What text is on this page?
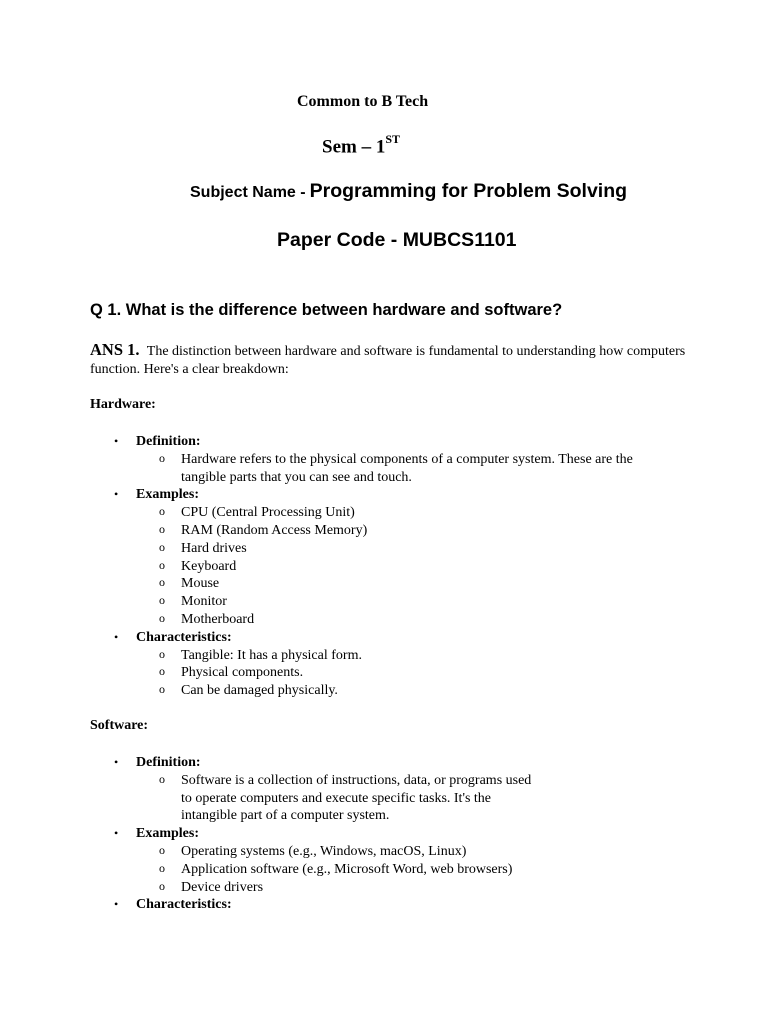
Common to B Tech
Sem – 1ST
Subject Name - Programming for Problem Solving
Paper Code - MUBCS1101
Q 1. What is the difference between hardware and software?
ANS 1. The distinction between hardware and software is fundamental to understanding how computers function. Here's a clear breakdown:
Hardware:
• Definition:
o Hardware refers to the physical components of a computer system. These are the tangible parts that you can see and touch.
• Examples:
o CPU (Central Processing Unit)
o RAM (Random Access Memory)
o Hard drives
o Keyboard
o Mouse
o Monitor
o Motherboard
• Characteristics:
o Tangible: It has a physical form.
o Physical components.
o Can be damaged physically.
Software:
• Definition:
o Software is a collection of instructions, data, or programs used to operate computers and execute specific tasks. It's the intangible part of a computer system.
• Examples:
o Operating systems (e.g., Windows, macOS, Linux)
o Application software (e.g., Microsoft Word, web browsers)
o Device drivers
• Characteristics:
